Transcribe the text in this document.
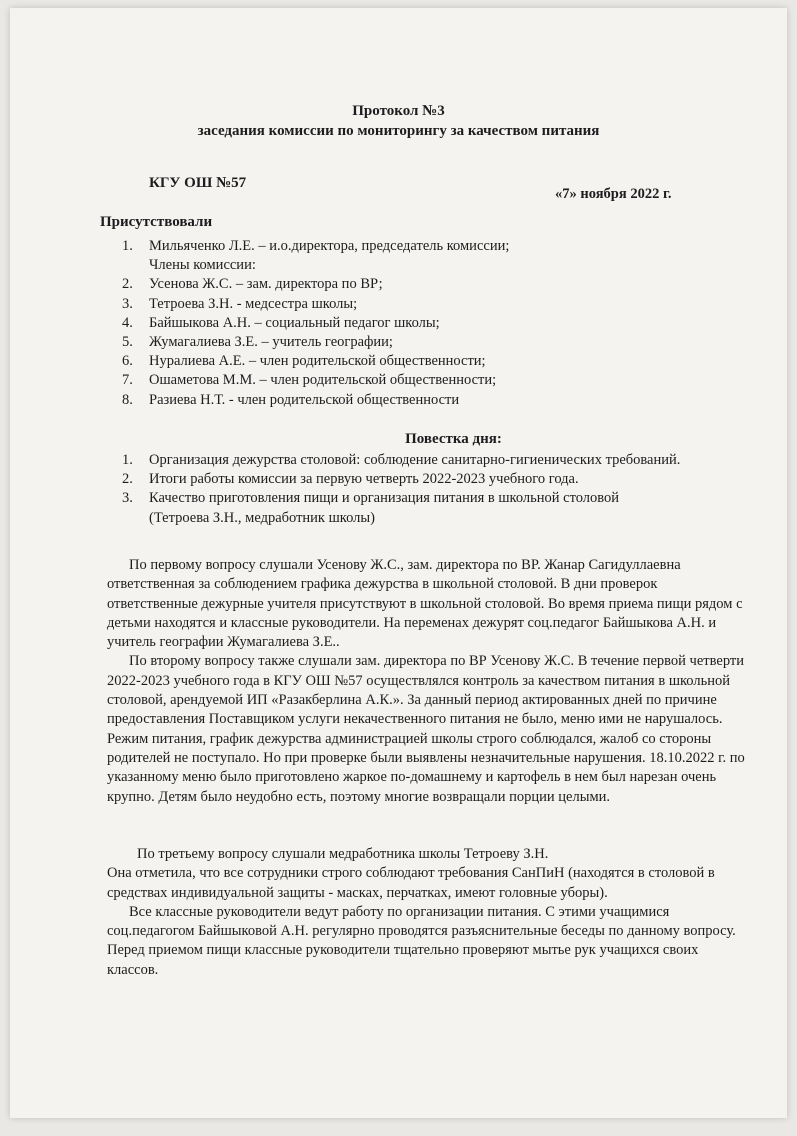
Протокол №3
заседания комиссии по мониторингу за качеством питания
КГУ ОШ №57
«7» ноября 2022 г.
Присутствовали
1.	Мильяченко Л.Е. – и.о.директора, председатель комиссии;
Члены комиссии:
2.	Усенова Ж.С. – зам. директора по ВР;
3.	Тетроева З.Н. - медсестра школы;
4.	Байшыкова А.Н. – социальный педагог школы;
5.	Жумагалиева З.Е. – учитель географии;
6.	Нуралиева А.Е. – член родительской общественности;
7.	Ошаметова М.М. – член родительской общественности;
8.	Разиева Н.Т. - член родительской общественности
Повестка дня:
1.	Организация дежурства столовой: соблюдение санитарно-гигиенических требований.
2.	Итоги работы комиссии за первую четверть 2022-2023 учебного года.
3.	Качество приготовления пищи и организация питания в школьной столовой (Тетроева З.Н., медработник школы)
По первому вопросу слушали Усенову Ж.С., зам. директора по ВР. Жанар Сагидуллаевна ответственная за соблюдением графика дежурства в школьной столовой. В дни проверок ответственные дежурные учителя присутствуют в школьной столовой. Во время приема пищи рядом с детьми находятся и классные руководители. На переменах дежурят соц.педагог Байшыкова А.Н. и учитель географии Жумагалиева З.Е..
По второму вопросу также слушали зам. директора по ВР Усенову Ж.С. В течение первой четверти 2022-2023 учебного года в КГУ ОШ №57 осуществлялся контроль за качеством питания в школьной столовой, арендуемой ИП «Разакберлина А.К.». За данный период актированных дней по причине предоставления Поставщиком услуги некачественного питания не было, меню ими не нарушалось. Режим питания, график дежурства администрацией школы строго соблюдался, жалоб со стороны родителей не поступало. Но при проверке были выявлены незначительные нарушения. 18.10.2022 г. по указанному меню было приготовлено жаркое по-домашнему и картофель в нем был нарезан очень крупно. Детям было неудобно есть, поэтому многие возвращали порции целыми.
По третьему вопросу слушали медработника школы Тетроеву З.Н.
Она отметила, что все сотрудники строго соблюдают требования СанПиН (находятся в столовой в средствах индивидуальной защиты - масках, перчатках, имеют головные уборы).
Все классные руководители ведут работу по организации питания. С этими учащимися соц.педагогом Байшыковой А.Н. регулярно проводятся разъяснительные беседы по данному вопросу. Перед приемом пищи классные руководители тщательно проверяют мытье рук учащихся своих классов.
